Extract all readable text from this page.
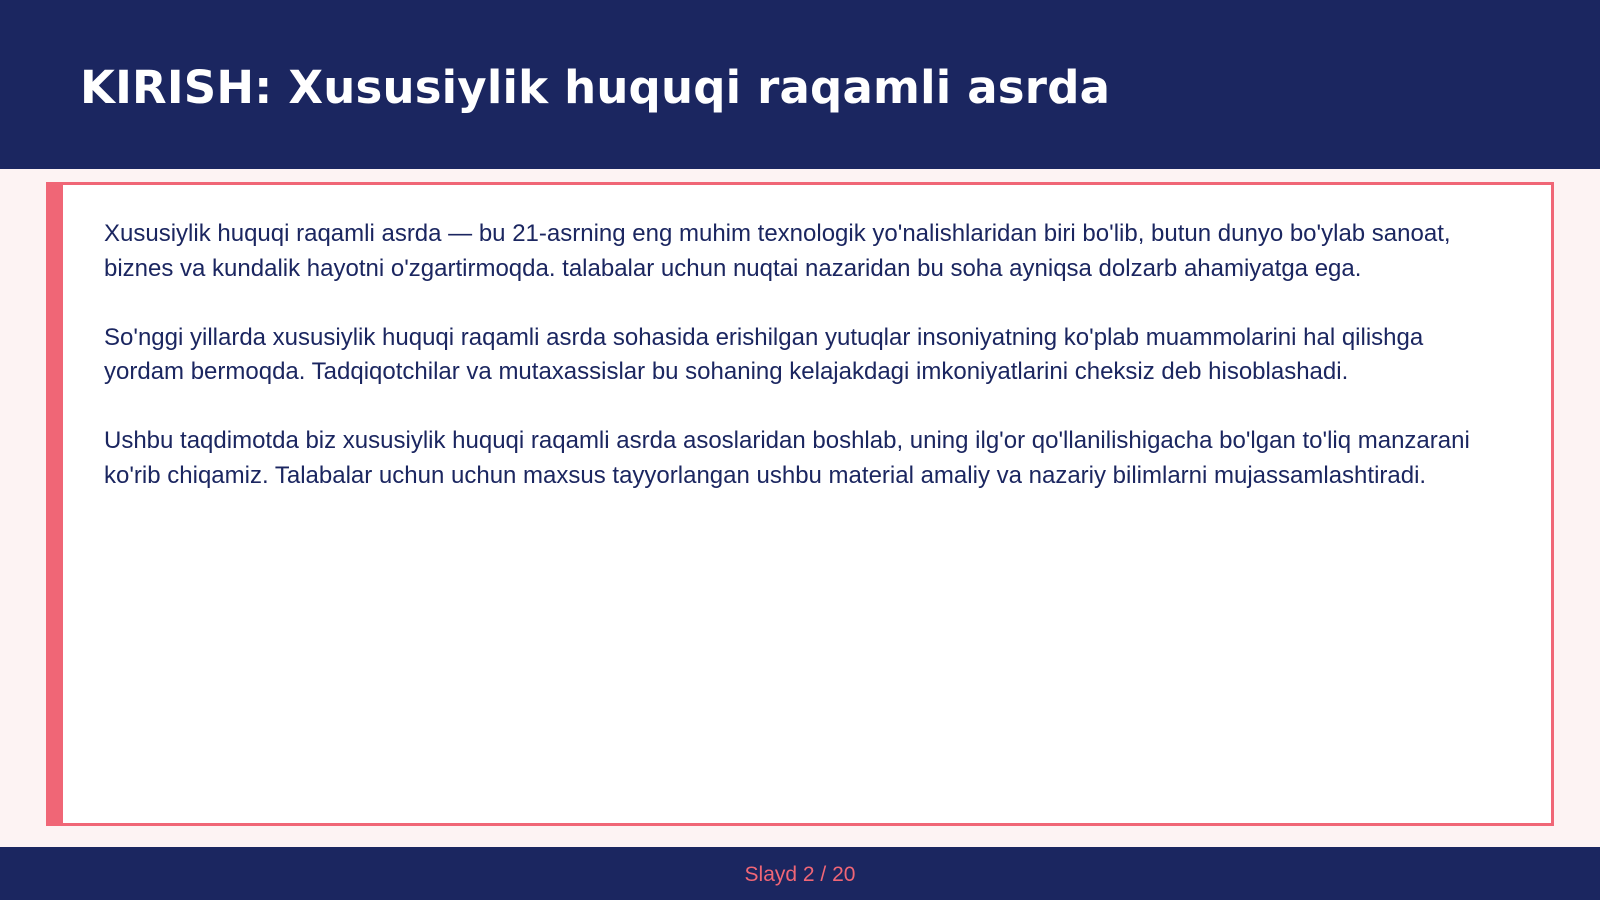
KIRISH: Xususiylik huquqi raqamli asrda

Xususiylik huquqi raqamli asrda — bu 21-asrning eng muhim texnologik yo'nalishlaridan biri bo'lib, butun dunyo bo'ylab sanoat, biznes va kundalik hayotni o'zgartirmoqda. talabalar uchun nuqtai nazaridan bu soha ayniqsa dolzarb ahamiyatga ega.

So'nggi yillarda xususiylik huquqi raqamli asrda sohasida erishilgan yutuqlar insoniyatning ko'plab muammolarini hal qilishga yordam bermoqda. Tadqiqotchilar va mutaxassislar bu sohaning kelajakdagi imkoniyatlarini cheksiz deb hisoblashadi.

Ushbu taqdimotda biz xususiylik huquqi raqamli asrda asoslaridan boshlab, uning ilg'or qo'llanilishigacha bo'lgan to'liq manzarani ko'rib chiqamiz. Talabalar uchun uchun maxsus tayyorlangan ushbu material amaliy va nazariy bilimlarni mujassamlashtiradi.

Slayd 2 / 20
